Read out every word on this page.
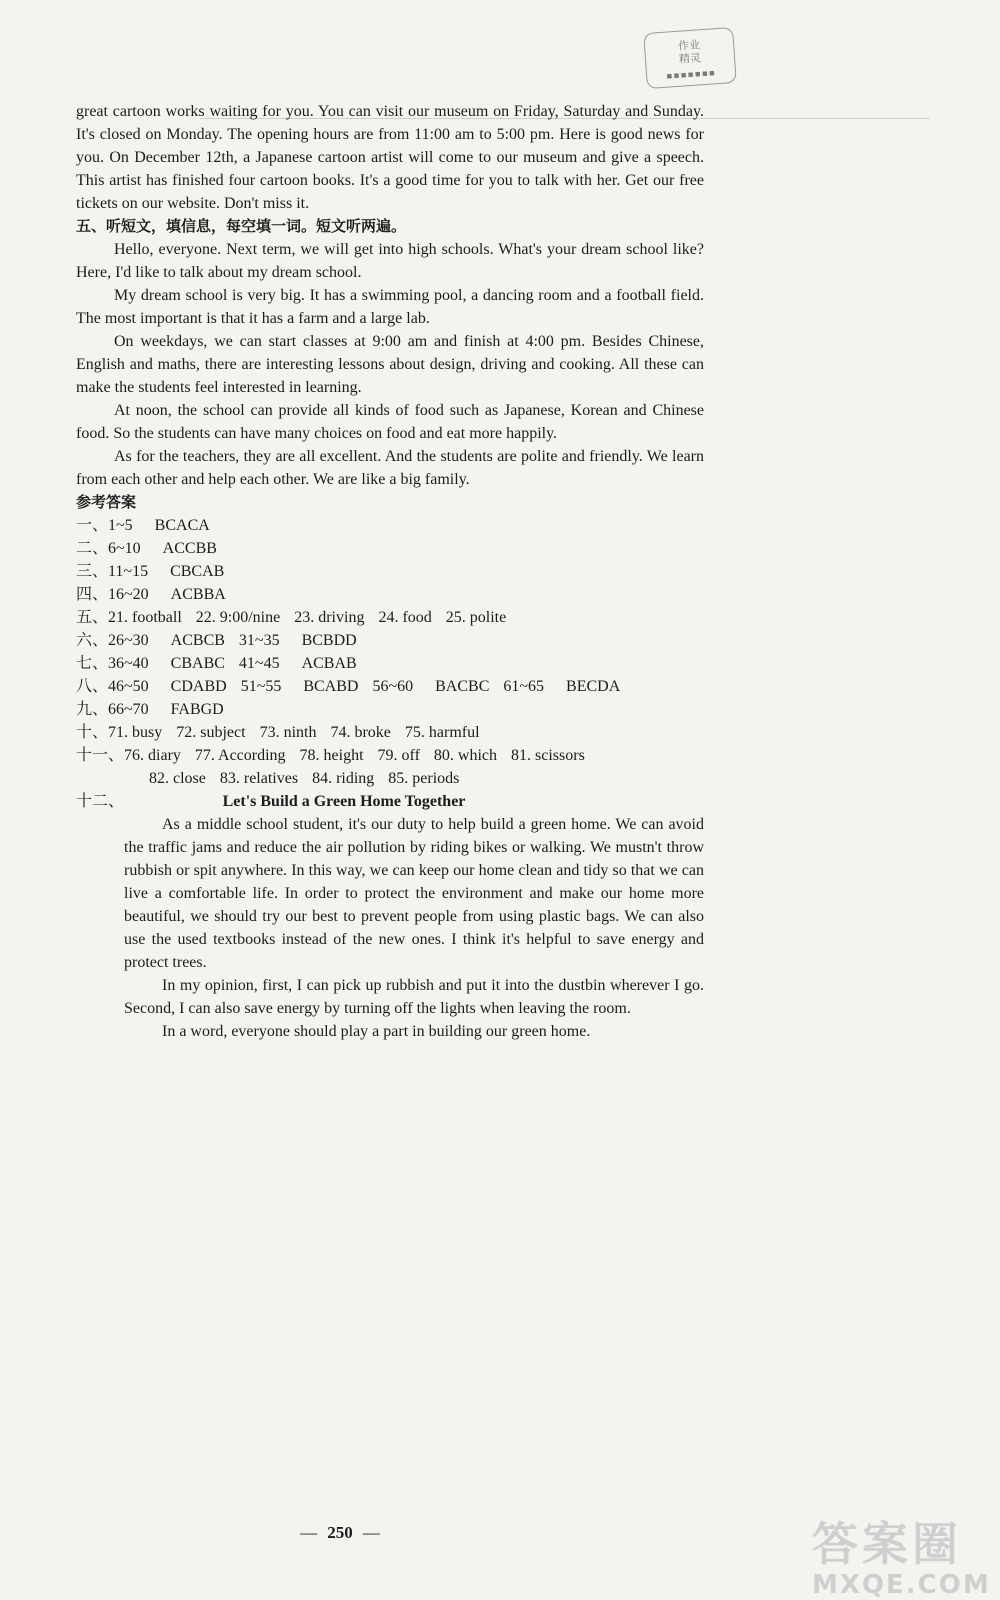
作业
精灵
▪▪▪▪▪▪▪

great cartoon works waiting for you. You can visit our museum on Friday, Saturday and Sunday. It's closed on Monday. The opening hours are from 11:00 am to 5:00 pm. Here is good news for you. On December 12th, a Japanese cartoon artist will come to our museum and give a speech. This artist has finished four cartoon books. It's a good time for you to talk with her. Get our free tickets on our website. Don't miss it.

五、听短文，填信息，每空填一词。短文听两遍。

Hello, everyone. Next term, we will get into high schools. What's your dream school like? Here, I'd like to talk about my dream school.

My dream school is very big. It has a swimming pool, a dancing room and a football field. The most important is that it has a farm and a large lab.

On weekdays, we can start classes at 9:00 am and finish at 4:00 pm. Besides Chinese, English and maths, there are interesting lessons about design, driving and cooking. All these can make the students feel interested in learning.

At noon, the school can provide all kinds of food such as Japanese, Korean and Chinese food. So the students can have many choices on food and eat more happily.

As for the teachers, they are all excellent. And the students are polite and friendly. We learn from each other and help each other. We are like a big family.

参考答案
一、 1~5 BCACA
二、 6~10 ACCBB
三、 11~15 CBCAB
四、 16~20 ACBBA
五、 21. football 22. 9:00/nine 23. driving 24. food 25. polite
六、 26~30 ACBCB 31~35 BCBDD
七、 36~40 CBABC 41~45 ACBAB
八、 46~50 CDABD 51~55 BCABD 56~60 BACBC 61~65 BECDA
九、 66~70 FABGD
十、 71. busy 72. subject 73. ninth 74. broke 75. harmful
十一、 76. diary 77. According 78. height 79. off 80. which 81. scissors
82. close 83. relatives 84. riding 85. periods
十二、	Let's Build a Green Home Together

As a middle school student, it's our duty to help build a green home. We can avoid the traffic jams and reduce the air pollution by riding bikes or walking. We mustn't throw rubbish or spit anywhere. In this way, we can keep our home clean and tidy so that we can live a comfortable life. In order to protect the environment and make our home more beautiful, we should try our best to prevent people from using plastic bags. We can also use the used textbooks instead of the new ones. I think it's helpful to save energy and protect trees.

In my opinion, first, I can pick up rubbish and put it into the dustbin wherever I go. Second, I can also save energy by turning off the lights when leaving the room.

In a word, everyone should play a part in building our green home.

— 250 —	答案圈
MXQE.COM
